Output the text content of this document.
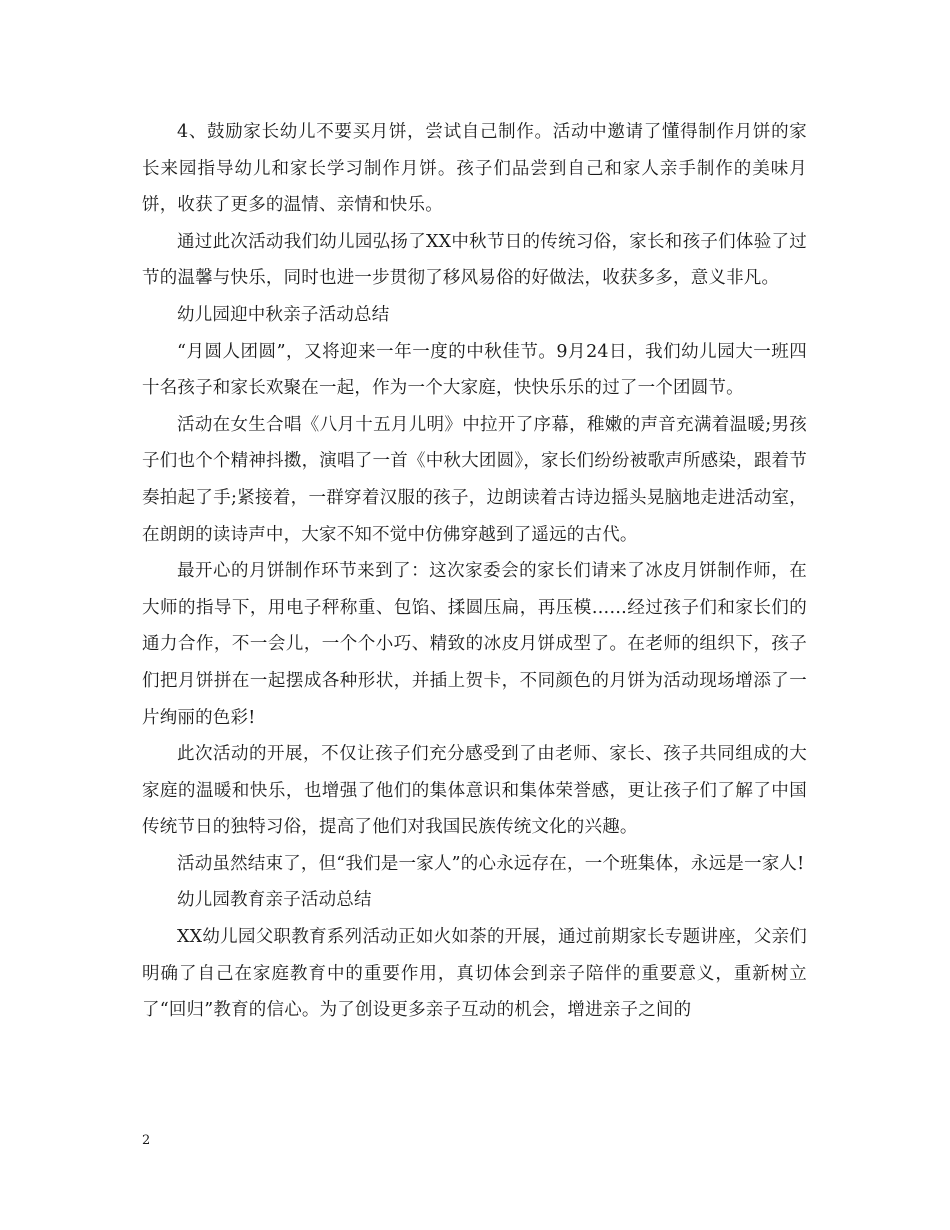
4、鼓励家长幼儿不要买月饼，尝试自己制作。活动中邀请了懂得制作月饼的家长来园指导幼儿和家长学习制作月饼。孩子们品尝到自己和家人亲手制作的美味月饼，收获了更多的温情、亲情和快乐。

通过此次活动我们幼儿园弘扬了XX中秋节日的传统习俗，家长和孩子们体验了过节的温馨与快乐，同时也进一步贯彻了移风易俗的好做法，收获多多，意义非凡。

幼儿园迎中秋亲子活动总结

“月圆人团圆”，又将迎来一年一度的中秋佳节。9月24日，我们幼儿园大一班四十名孩子和家长欢聚在一起，作为一个大家庭，快快乐乐的过了一个团圆节。

活动在女生合唱《八月十五月儿明》中拉开了序幕，稚嫩的声音充满着温暖;男孩子们也个个精神抖擞，演唱了一首《中秋大团圆》，家长们纷纷被歌声所感染，跟着节奏拍起了手;紧接着，一群穿着汉服的孩子，边朗读着古诗边摇头晃脑地走进活动室，在朗朗的读诗声中，大家不知不觉中仿佛穿越到了遥远的古代。

最开心的月饼制作环节来到了：这次家委会的家长们请来了冰皮月饼制作师，在大师的指导下，用电子秤称重、包馅、揉圆压扁，再压模……经过孩子们和家长们的通力合作，不一会儿，一个个小巧、精致的冰皮月饼成型了。在老师的组织下，孩子们把月饼拼在一起摆成各种形状，并插上贺卡，不同颜色的月饼为活动现场增添了一片绚丽的色彩!

此次活动的开展，不仅让孩子们充分感受到了由老师、家长、孩子共同组成的大家庭的温暖和快乐，也增强了他们的集体意识和集体荣誉感，更让孩子们了解了中国传统节日的独特习俗，提高了他们对我国民族传统文化的兴趣。

活动虽然结束了，但“我们是一家人”的心永远存在，一个班集体，永远是一家人!

幼儿园教育亲子活动总结

XX幼儿园父职教育系列活动正如火如荼的开展，通过前期家长专题讲座，父亲们明确了自己在家庭教育中的重要作用，真切体会到亲子陪伴的重要意义，重新树立了“回归”教育的信心。为了创设更多亲子互动的机会，增进亲子之间的

2
